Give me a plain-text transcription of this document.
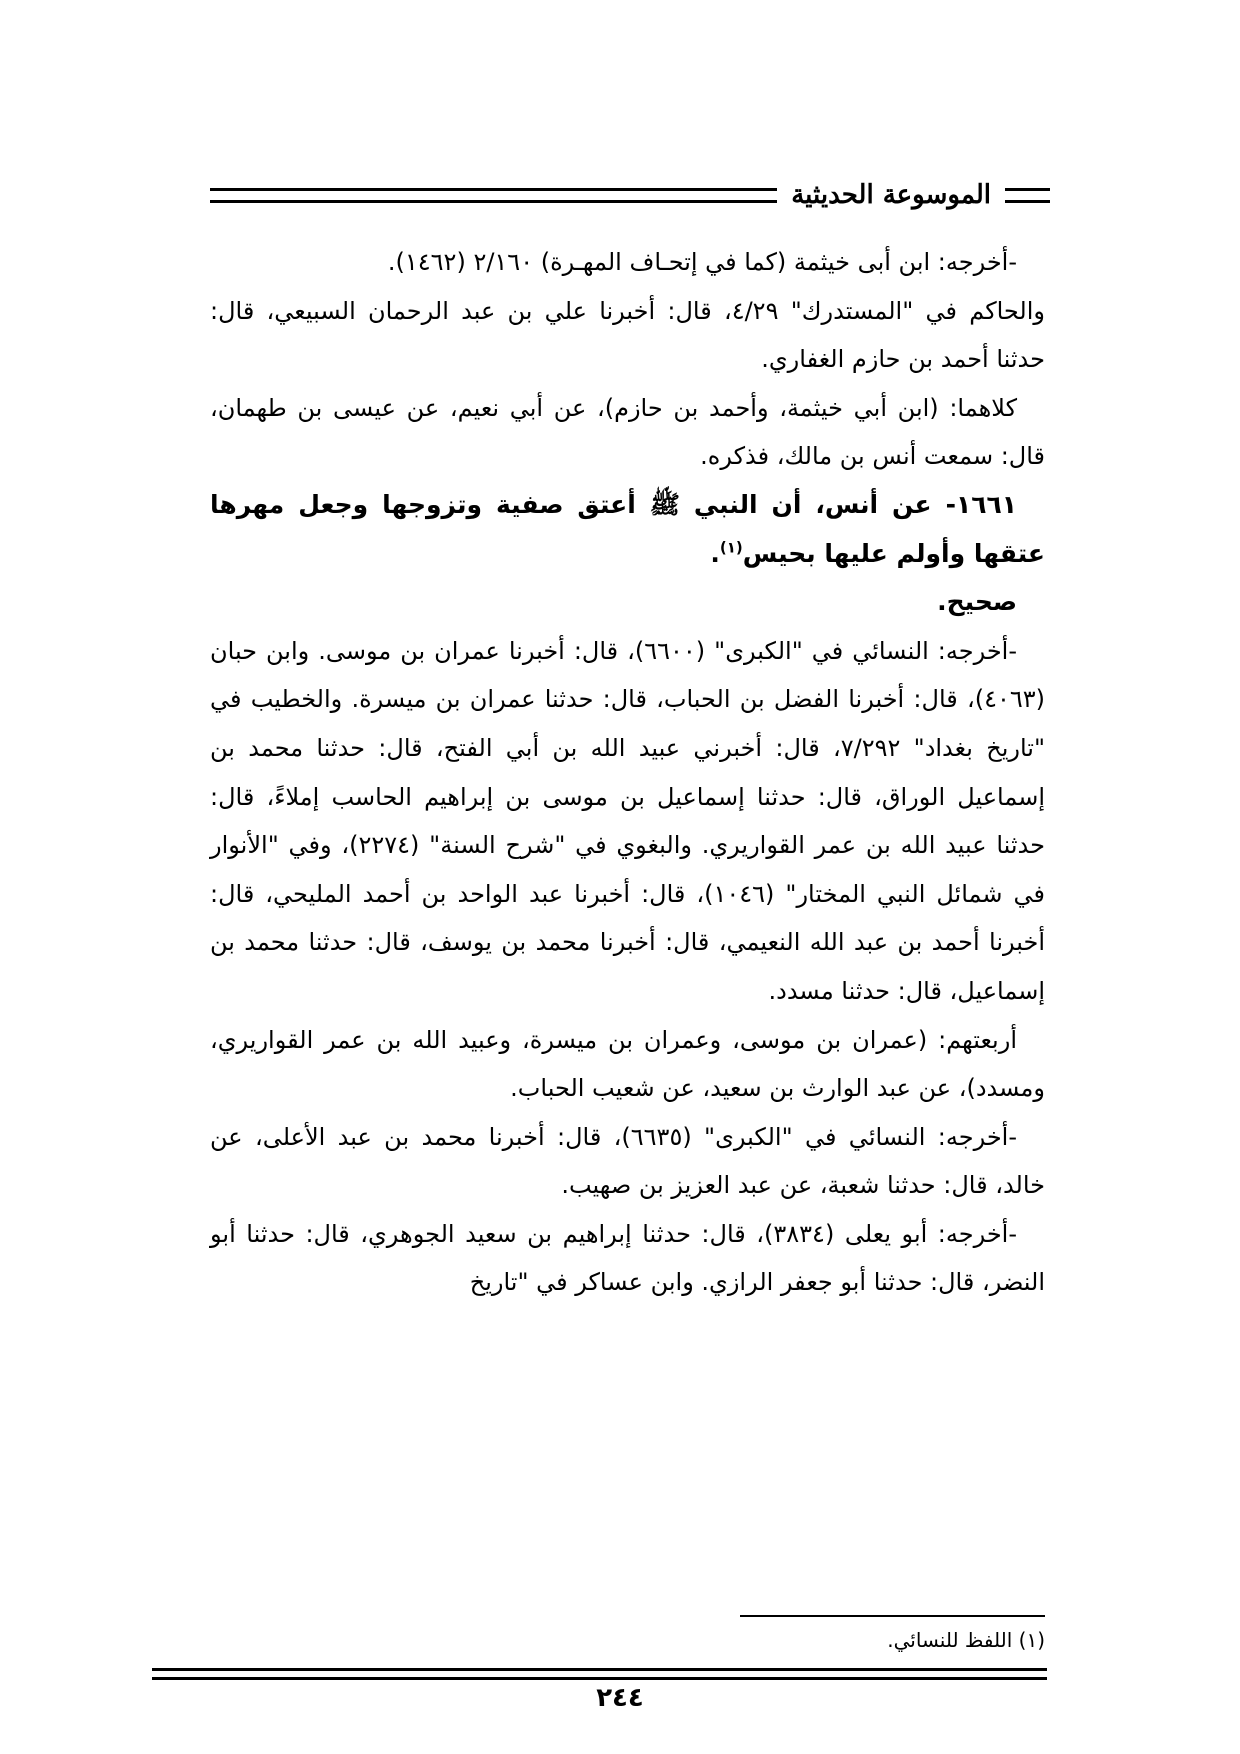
الموسوعة الحديثية

-أخرجه: ابن أبى خيثمة (كما في إتحـاف المهـرة) ٢/١٦٠ (١٤٦٢).

والحاكم في "المستدرك" ٤/٢٩، قال: أخبرنا علي بن عبد الرحمان السبيعي، قال: حدثنا أحمد بن حازم الغفاري.

كلاهما: (ابن أبي خيثمة، وأحمد بن حازم)، عن أبي نعيم، عن عيسى بن طهمان، قال: سمعت أنس بن مالك، فذكره.

١٦٦١- عن أنس، أن النبي ﷺ أعتق صفية وتزوجها وجعل مهرها عتقها وأولم عليها بحيس$^{(١)}$.

صحيح.

-أخرجه: النسائي في "الكبرى" (٦٦٠٠)، قال: أخبرنا عمران بن موسى. وابن حبان (٤٠٦٣)، قال: أخبرنا الفضل بن الحباب، قال: حدثنا عمران بن ميسرة. والخطيب في "تاريخ بغداد" ٧/٢٩٢، قال: أخبرني عبيد الله بن أبي الفتح، قال: حدثنا محمد بن إسماعيل الوراق، قال: حدثنا إسماعيل بن موسى بن إبراهيم الحاسب إملاءً، قال: حدثنا عبيد الله بن عمر القواريري. والبغوي في "شرح السنة" (٢٢٧٤)، وفي "الأنوار في شمائل النبي المختار" (١٠٤٦)، قال: أخبرنا عبد الواحد بن أحمد المليحي، قال: أخبرنا أحمد بن عبد الله النعيمي، قال: أخبرنا محمد بن يوسف، قال: حدثنا محمد بن إسماعيل، قال: حدثنا مسدد.

أربعتهم: (عمران بن موسى، وعمران بن ميسرة، وعبيد الله بن عمر القواريري، ومسدد)، عن عبد الوارث بن سعيد، عن شعيب الحباب.

-أخرجه: النسائي في "الكبرى" (٦٦٣٥)، قال: أخبرنا محمد بن عبد الأعلى، عن خالد، قال: حدثنا شعبة، عن عبد العزيز بن صهيب.

-أخرجه: أبو يعلى (٣٨٣٤)، قال: حدثنا إبراهيم بن سعيد الجوهري، قال: حدثنا أبو النضر، قال: حدثنا أبو جعفر الرازي. وابن عساكر في "تاريخ

(١) اللفظ للنسائي.
٢٤٤
